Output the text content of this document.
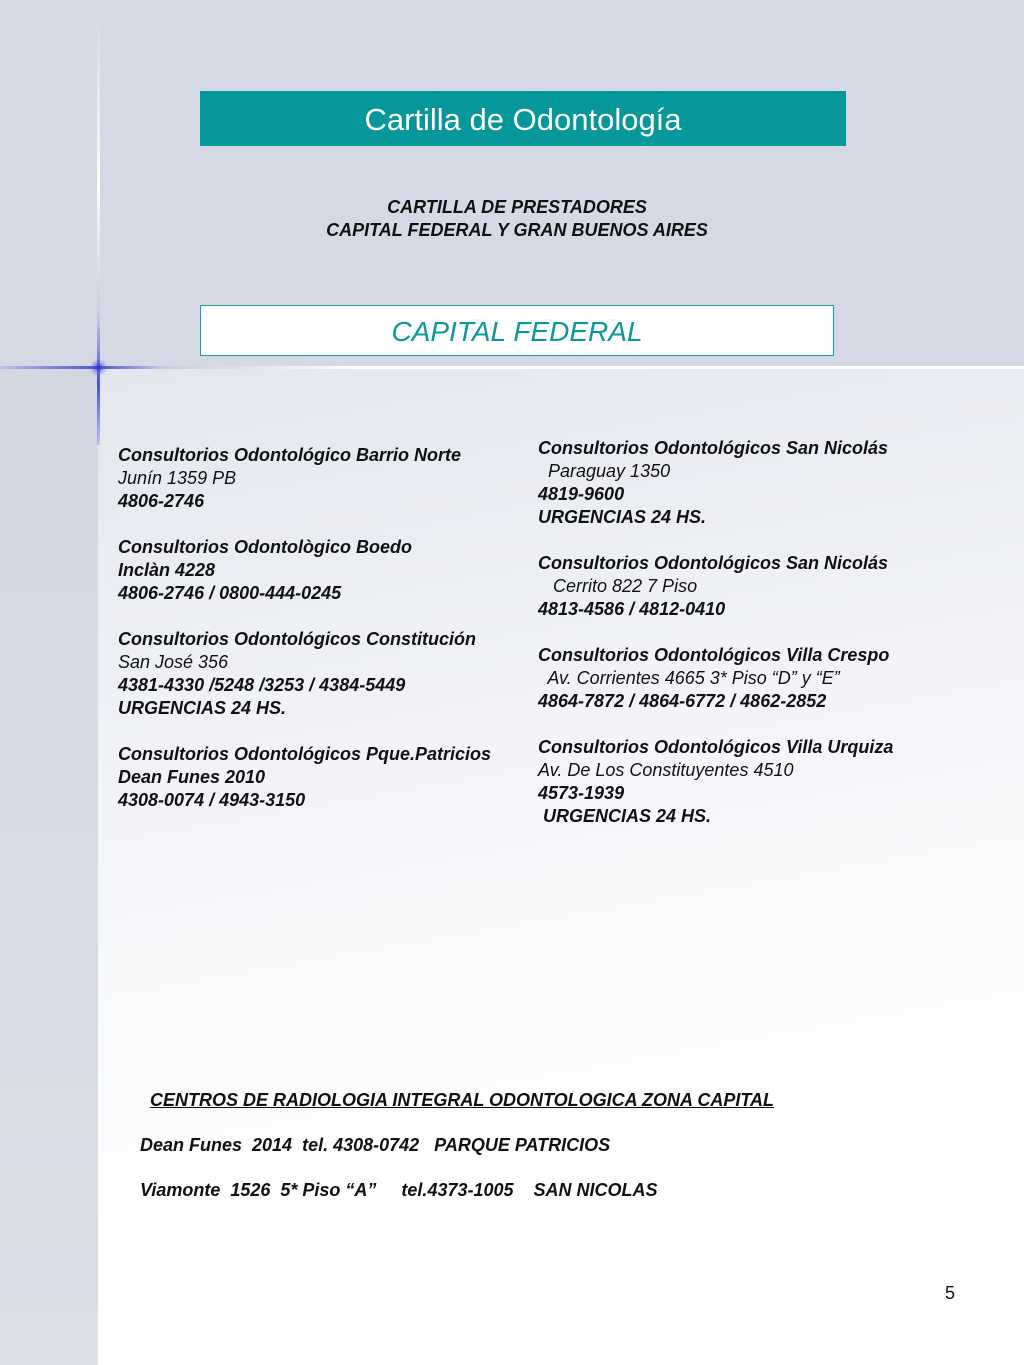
Cartilla de Odontología
CARTILLA DE PRESTADORES
CAPITAL FEDERAL Y GRAN BUENOS AIRES
CAPITAL FEDERAL
Consultorios Odontológico Barrio Norte
Junín 1359 PB
4806-2746
Consultorios Odontològico Boedo
Inclàn 4228
4806-2746 / 0800-444-0245
Consultorios Odontológicos Constitución
San José 356
4381-4330 /5248 /3253 / 4384-5449
URGENCIAS 24 HS.
Consultorios Odontológicos Pque.Patricios
Dean Funes 2010
4308-0074 / 4943-3150
Consultorios Odontológicos San Nicolás
Paraguay 1350
4819-9600
URGENCIAS 24 HS.
Consultorios Odontológicos San Nicolás
Cerrito 822 7 Piso
4813-4586 / 4812-0410
Consultorios Odontológicos Villa Crespo
Av. Corrientes 4665 3* Piso “D” y “E”
4864-7872 / 4864-6772 / 4862-2852
Consultorios Odontológicos Villa Urquiza
Av. De Los Constituyentes 4510
4573-1939
URGENCIAS 24 HS.
CENTROS DE RADIOLOGIA INTEGRAL ODONTOLOGICA ZONA CAPITAL
Dean Funes  2014  tel. 4308-0742   PARQUE PATRICIOS
Viamonte  1526  5* Piso “A”     tel.4373-1005    SAN NICOLAS
5
